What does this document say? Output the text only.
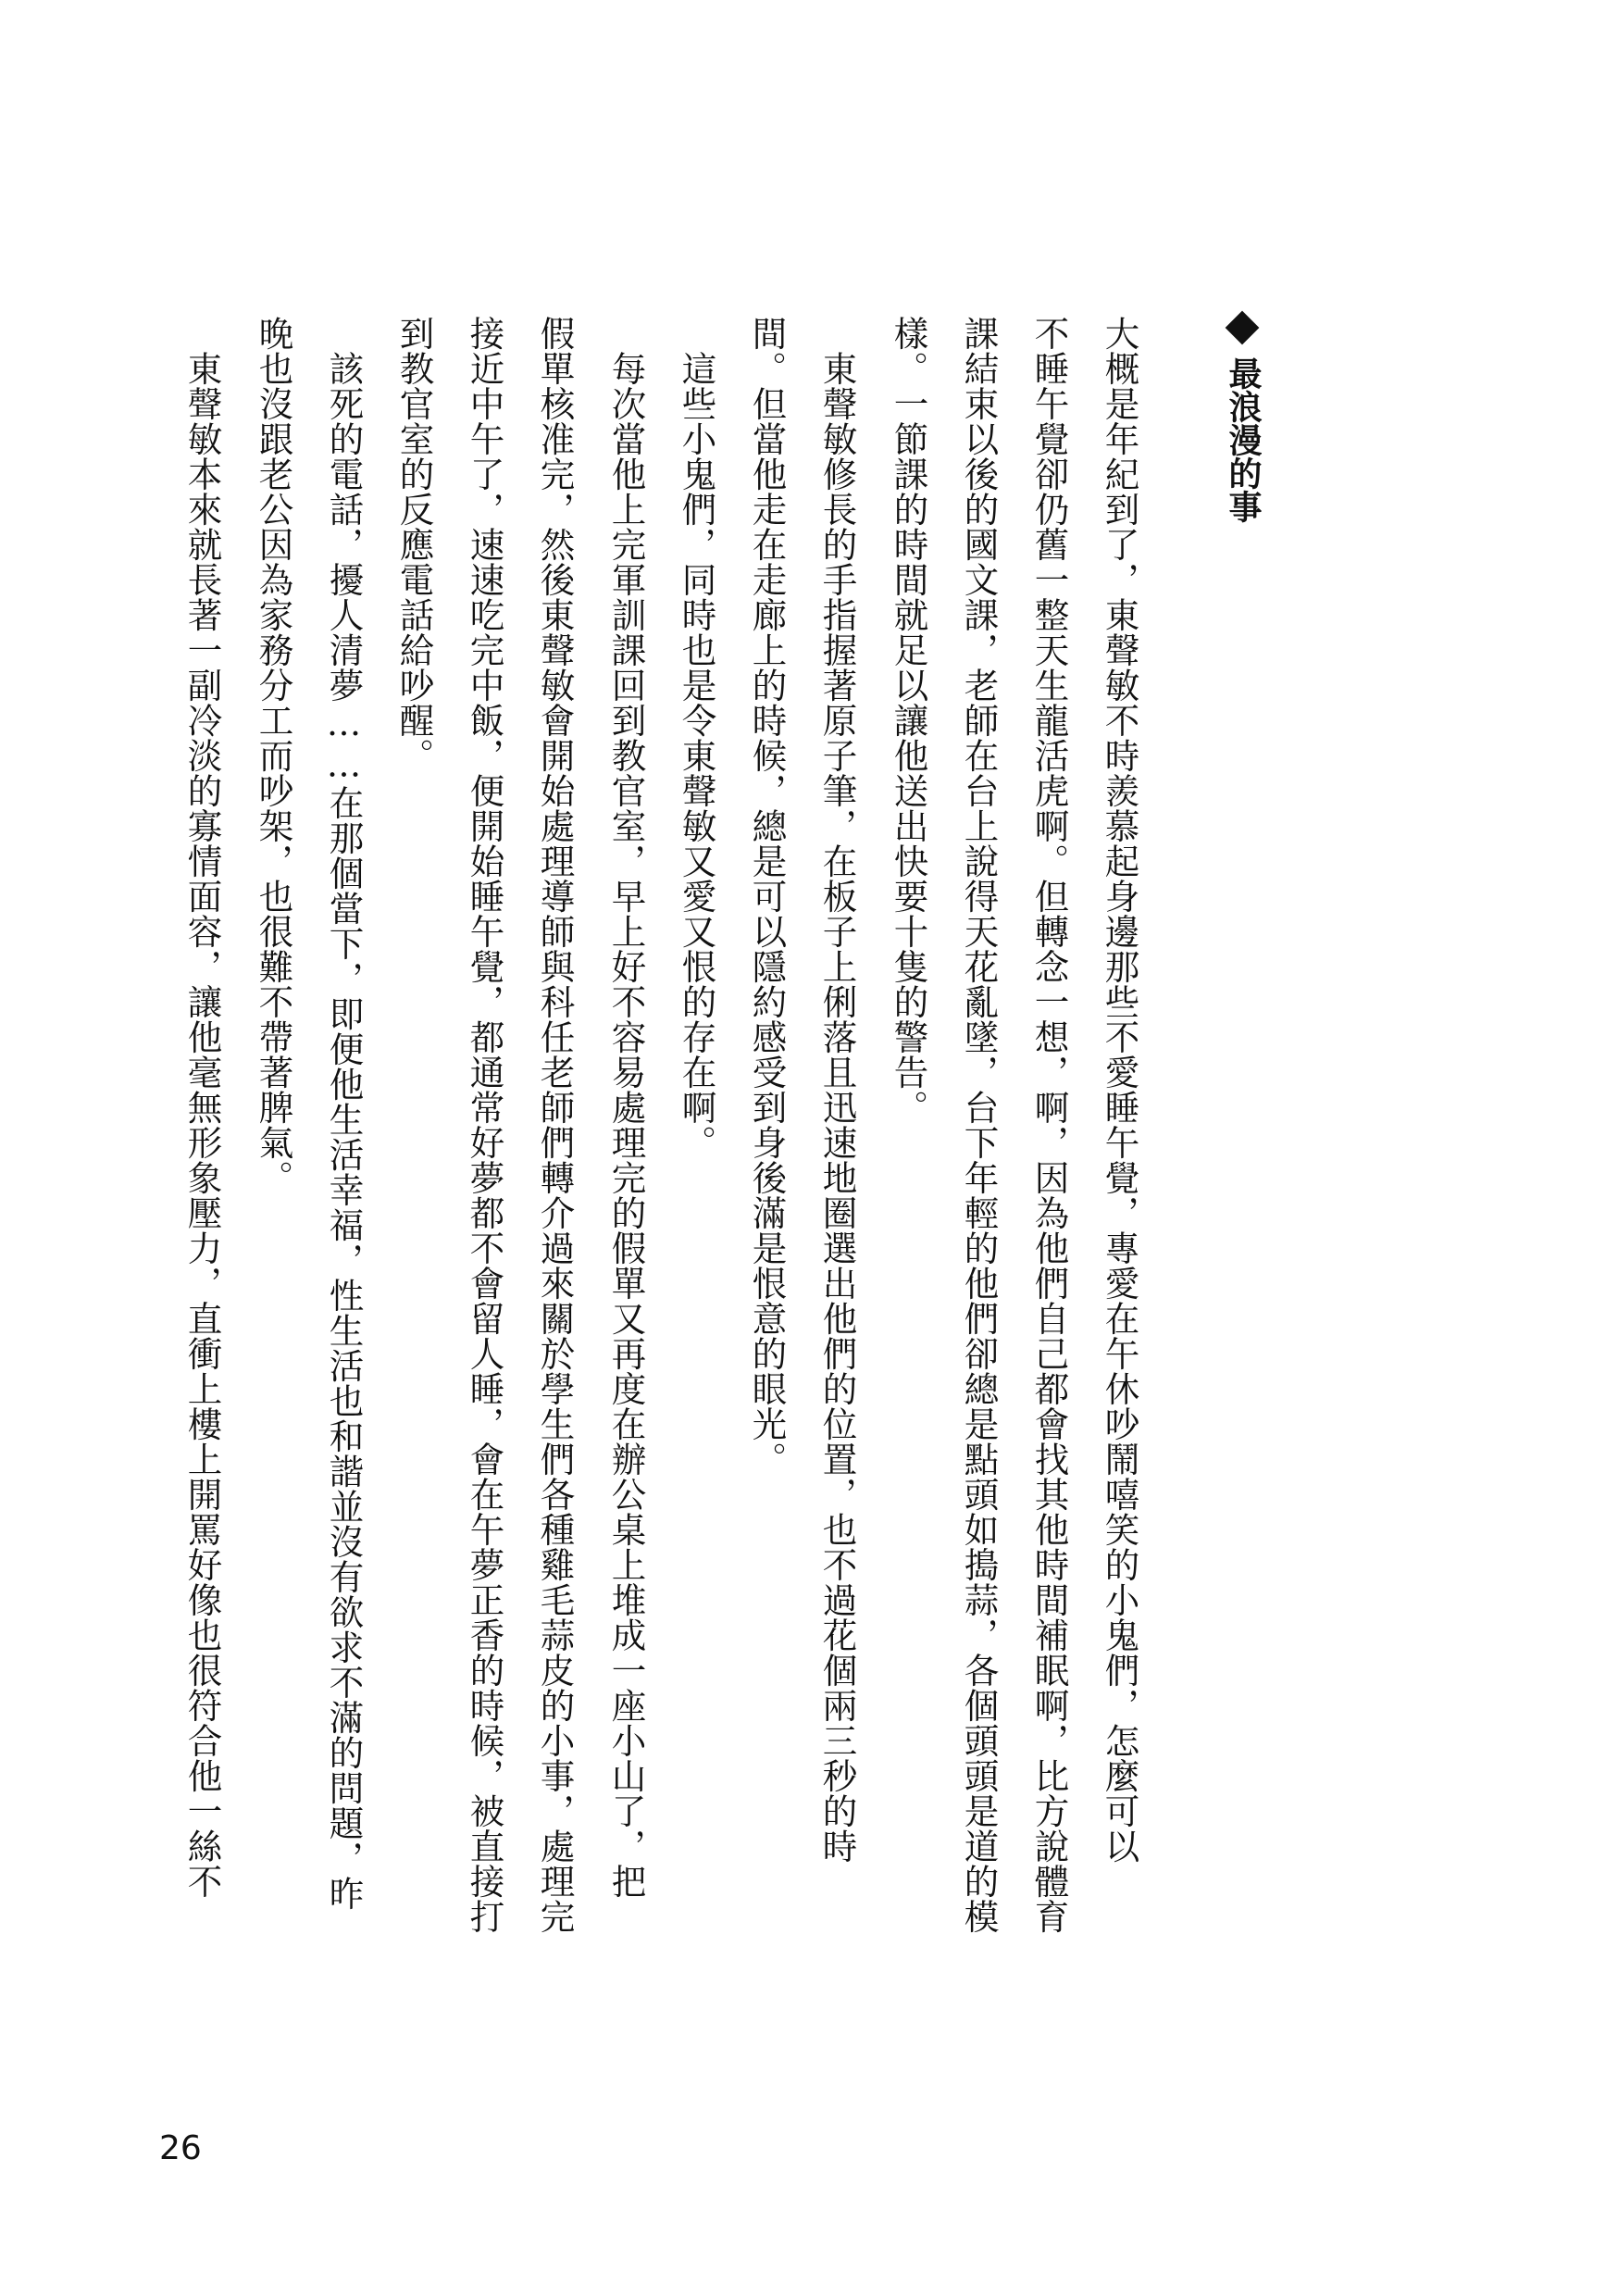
最浪漫的事
大概是年紀到了，東聲敏不時羨慕起身邊那些不愛睡午覺，專愛在午休吵鬧嘻笑的小鬼們，怎麼可以
不睡午覺卻仍舊一整天生龍活虎啊。但轉念一想，啊，因為他們自己都會找其他時間補眠啊，比方說體育
課結束以後的國文課，老師在台上說得天花亂墜，台下年輕的他們卻總是點頭如搗蒜，各個頭頭是道的模
樣。一節課的時間就足以讓他送出快要十隻的警告。
東聲敏修長的手指握著原子筆，在板子上俐落且迅速地圈選出他們的位置，也不過花個兩三秒的時
間。但當他走在走廊上的時候，總是可以隱約感受到身後滿是恨意的眼光。
這些小鬼們，同時也是令東聲敏又愛又恨的存在啊。
每次當他上完軍訓課回到教官室，早上好不容易處理完的假單又再度在辦公桌上堆成一座小山了，把
假單核准完，然後東聲敏會開始處理導師與科任老師們轉介過來關於學生們各種雞毛蒜皮的小事，處理完
接近中午了，速速吃完中飯，便開始睡午覺，都通常好夢都不會留人睡，會在午夢正香的時候，被直接打
到教官室的反應電話給吵醒。
該死的電話，擾人清夢……在那個當下，即便他生活幸福，性生活也和諧並沒有欲求不滿的問題，昨
晚也沒跟老公因為家務分工而吵架，也很難不帶著脾氣。
東聲敏本來就長著一副冷淡的寡情面容，讓他毫無形象壓力，直衝上樓上開罵好像也很符合他一絲不
26
